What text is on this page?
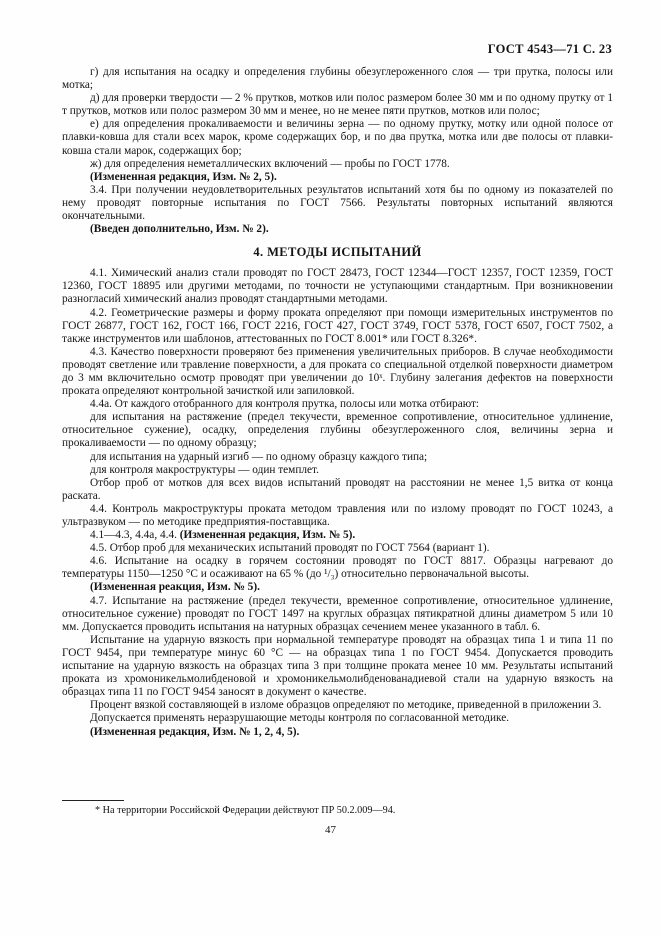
ГОСТ 4543—71 С. 23

г) для испытания на осадку и определения глубины обезуглероженного слоя — три прутка, полосы или мотка;

д) для проверки твердости — 2 % прутков, мотков или полос размером более 30 мм и по одному прутку от 1 т прутков, мотков или полос размером 30 мм и менее, но не менее пяти прутков, мотков или полос;

е) для определения прокаливаемости и величины зерна — по одному прутку, мотку или одной полосе от плавки-ковша для стали всех марок, кроме содержащих бор, и по два прутка, мотка или две полосы от плавки-ковша стали марок, содержащих бор;

ж) для определения неметаллических включений — пробы по ГОСТ 1778.

(Измененная редакция, Изм. № 2, 5).

3.4. При получении неудовлетворительных результатов испытаний хотя бы по одному из показателей по нему проводят повторные испытания по ГОСТ 7566. Результаты повторных испытаний являются окончательными.

(Введен дополнительно, Изм. № 2).

4. МЕТОДЫ ИСПЫТАНИЙ

4.1. Химический анализ стали проводят по ГОСТ 28473, ГОСТ 12344—ГОСТ 12357, ГОСТ 12359, ГОСТ 12360, ГОСТ 18895 или другими методами, по точности не уступающими стандартным. При возникновении разногласий химический анализ проводят стандартными методами.

4.2. Геометрические размеры и форму проката определяют при помощи измерительных инструментов по ГОСТ 26877, ГОСТ 162, ГОСТ 166, ГОСТ 2216, ГОСТ 427, ГОСТ 3749, ГОСТ 5378, ГОСТ 6507, ГОСТ 7502, а также инструментов или шаблонов, аттестованных по ГОСТ 8.001* или ГОСТ 8.326*.

4.3. Качество поверхности проверяют без применения увеличительных приборов. В случае необходимости проводят светление или травление поверхности, а для проката со специальной отделкой поверхности диаметром до 3 мм включительно осмотр проводят при увеличении до 10ˣ. Глубину залегания дефектов на поверхности проката определяют контрольной зачисткой или запиловкой.

4.4а. От каждого отобранного для контроля прутка, полосы или мотка отбирают:

для испытания на растяжение (предел текучести, временное сопротивление, относительное удлинение, относительное сужение), осадку, определения глубины обезуглероженного слоя, величины зерна и прокаливаемости — по одному образцу;

для испытания на ударный изгиб — по одному образцу каждого типа;

для контроля макроструктуры — один темплет.

Отбор проб от мотков для всех видов испытаний проводят на расстоянии не менее 1,5 витка от конца раската.

4.4. Контроль макроструктуры проката методом травления или по излому проводят по ГОСТ 10243, а ультразвуком — по методике предприятия-поставщика.

4.1—4.3, 4.4а, 4.4. (Измененная редакция, Изм. № 5).

4.5. Отбор проб для механических испытаний проводят по ГОСТ 7564 (вариант 1).

4.6. Испытание на осадку в горячем состоянии проводят по ГОСТ 8817. Образцы нагревают до температуры 1150—1250 °С и осаживают на 65 % (до ¹/₃) относительно первоначальной высоты.

(Измененная реакция, Изм. № 5).

4.7. Испытание на растяжение (предел текучести, временное сопротивление, относительное удлинение, относительное сужение) проводят по ГОСТ 1497 на круглых образцах пятикратной длины диаметром 5 или 10 мм. Допускается проводить испытания на натурных образцах сечением менее указанного в табл. 6.

Испытание на ударную вязкость при нормальной температуре проводят на образцах типа 1 и типа 11 по ГОСТ 9454, при температуре минус 60 °С — на образцах типа 1 по ГОСТ 9454. Допускается проводить испытание на ударную вязкость на образцах типа 3 при толщине проката менее 10 мм. Результаты испытаний проката из хромоникельмолибденовой и хромоникельмолибденованадиевой стали на ударную вязкость на образцах типа 11 по ГОСТ 9454 заносят в документ о качестве.

Процент вязкой составляющей в изломе образцов определяют по методике, приведенной в приложении 3.

Допускается применять неразрушающие методы контроля по согласованной методике.

(Измененная редакция, Изм. № 1, 2, 4, 5).

* На территории Российской Федерации действуют ПР 50.2.009—94.
47
